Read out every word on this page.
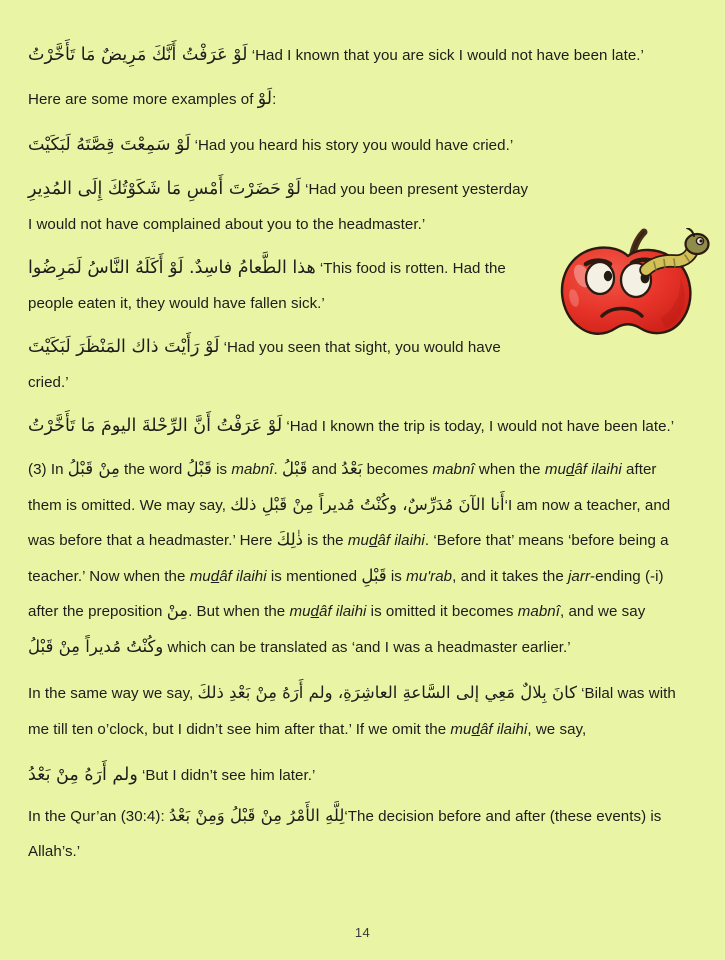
لَوْ عَرَفْتُ أَنَّكَ مَرِيضٌ مَا تَأَخَّرْتُ ‘Had I known that you are sick I would not have been late.’

Here are some more examples of لَوْ:

لَوْ سَمِعْتَ قِصَّتَهُ لَبَكَيْتَ ‘Had you heard his story you would have cried.’

لَوْ حَضَرْتَ أَمْسِ مَا شَكَوْتُكَ إِلَى المُدِيرِ ‘Had you been present yesterday I would not have complained about you to the headmaster.’

هذا الطَّعامُ فاسِدٌ. لَوْ أَكَلَهُ النَّاسُ لَمَرِضُوا ‘This food is rotten. Had the people eaten it, they would have fallen sick.’

لَوْ رَأَيْتَ ذاك المَنْظَرَ لَبَكَيْتَ ‘Had you seen that sight, you would have cried.’

لَوْ عَرَفْتُ أَنَّ الرِّحْلةَ اليومَ مَا تَأَخَّرْتُ ‘Had I known the trip is today, I would not have been late.’

(3) In مِنْ قَبْلُ the word قَبْلُ is mabnî. قَبْلُ and بَعْدُ becomes mabnî when the mudâf ilaihi after them is omitted. We may say, أَنا الآنَ مُدَرِّسٌ، وكُنْتُ مُديراً مِنْ قَبْلِ ذلك‘I am now a teacher, and was before that a headmaster.’ Here ذٰلِكَ is the mudâf ilaihi. ‘Before that’ means ‘before being a teacher.’ Now when the mudâf ilaihi is mentioned قَبْلِ is mu'rab, and it takes the jarr-ending (-i) after the preposition مِنْ. But when the mudâf ilaihi is omitted it becomes mabnî, and we say وكُنْتُ مُديراً مِنْ قَبْلُ which can be translated as ‘and I was a headmaster earlier.’

In the same way we say, كانَ بِلالٌ مَعِي إلى السَّاعةِ العاشِرَةِ، ولم أَرَهُ مِنْ بَعْدِ ذلكَ ‘Bilal was with me till ten o’clock, but I didn’t see him after that.’ If we omit the mudâf ilaihi, we say,

ولم أَرَهُ مِنْ بَعْدُ ‘But I didn’t see him later.’

In the Qur’an (30:4): لِلَّهِ الأَمْرُ مِنْ قَبْلُ وَمِنْ بَعْدُ‘The decision before and after (these events) is Allah’s.’

14
